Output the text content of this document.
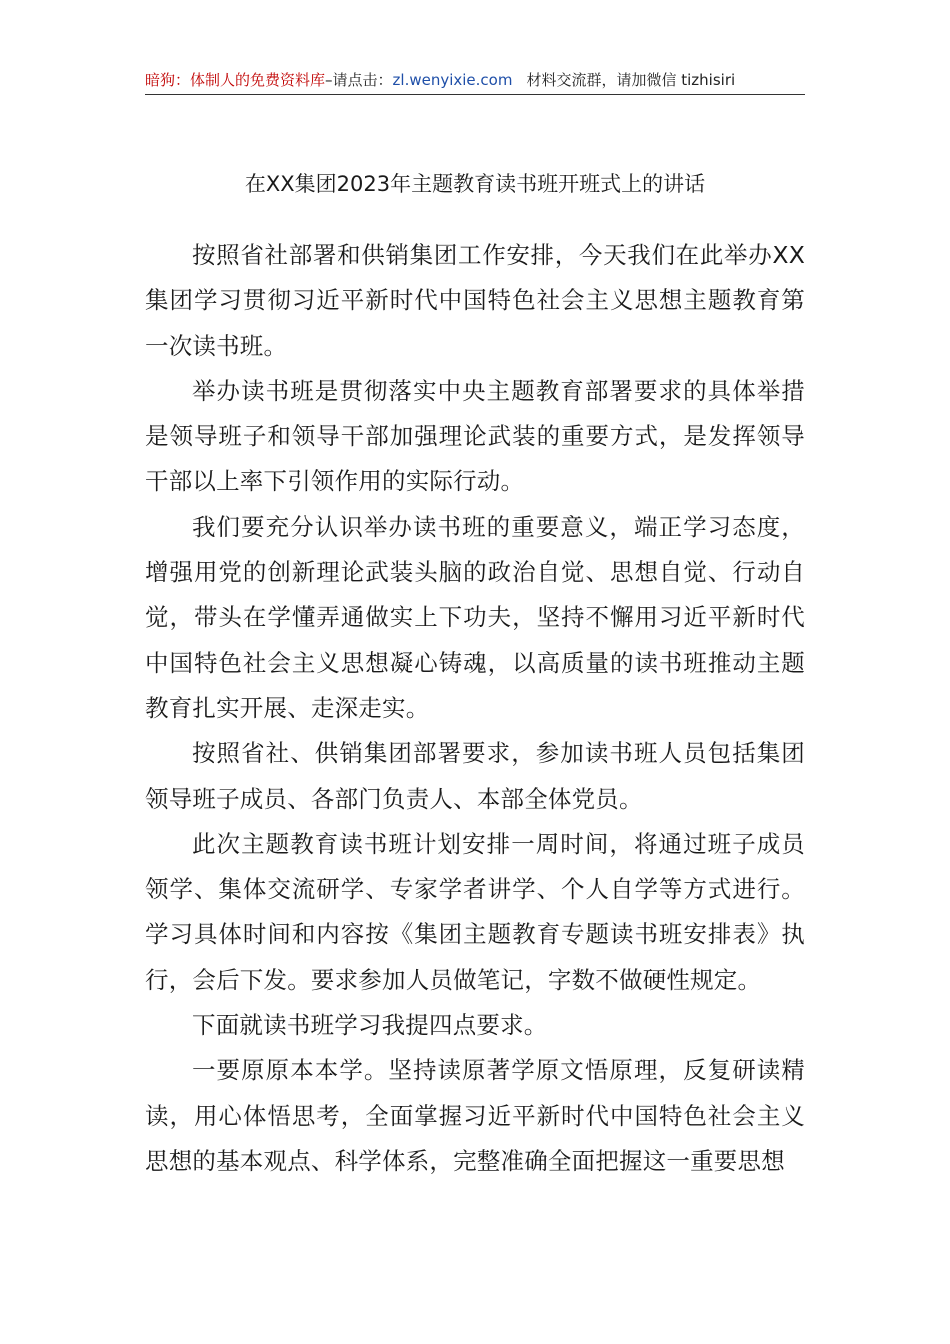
暗狗：体制人的免费资料库–请点击：zl.wenyixie.com 材料交流群，请加微信 tizhisiri
在XX集团2023年主题教育读书班开班式上的讲话

按照省社部署和供销集团工作安排，今天我们在此举办XX集团学习贯彻习近平新时代中国特色社会主义思想主题教育第一次读书班。

举办读书班是贯彻落实中央主题教育部署要求的具体举措是领导班子和领导干部加强理论武装的重要方式，是发挥领导干部以上率下引领作用的实际行动。

我们要充分认识举办读书班的重要意义，端正学习态度，增强用党的创新理论武装头脑的政治自觉、思想自觉、行动自觉，带头在学懂弄通做实上下功夫，坚持不懈用习近平新时代中国特色社会主义思想凝心铸魂，以高质量的读书班推动主题教育扎实开展、走深走实。

按照省社、供销集团部署要求，参加读书班人员包括集团领导班子成员、各部门负责人、本部全体党员。

此次主题教育读书班计划安排一周时间，将通过班子成员领学、集体交流研学、专家学者讲学、个人自学等方式进行。学习具体时间和内容按《集团主题教育专题读书班安排表》执行，会后下发。要求参加人员做笔记，字数不做硬性规定。

下面就读书班学习我提四点要求。

一要原原本本学。坚持读原著学原文悟原理，反复研读精读，用心体悟思考，全面掌握习近平新时代中国特色社会主义思想的基本观点、科学体系，完整准确全面把握这一重要思想
